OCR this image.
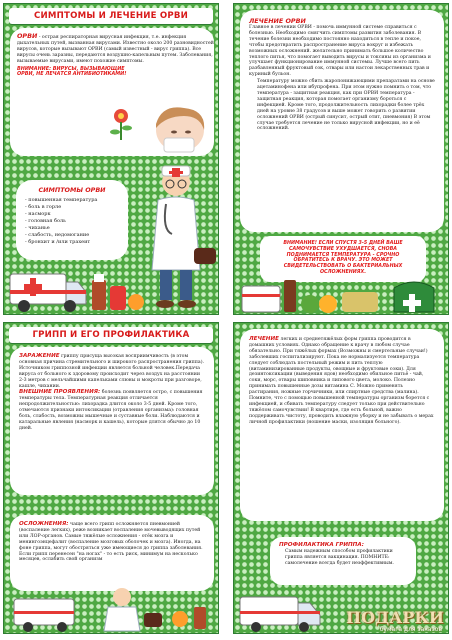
СИМПТОМЫ И ЛЕЧЕНИЕ ОРВИ
ОРВИ - острая респираторная вирусная инфекция, т.е. инфекция дыхательных путей, вызванная вирусами. Известно около 200 разновидностей вирусов, которые вызывают ОРВИ (самый известный - вирус гриппа). Все вирусы очень заразны, передаются воздушно-капельным путем. Заболевания, вызываемые вирусами, имеют похожие симптомы.
ВНИМАНИЕ: ВИРУСЫ, ВЫЗЫВАЮЩИЕ ОРВИ, НЕ ЛЕЧАТСЯ АНТИБИОТИКАМИ!
СИМПТОМЫ ОРВИ
- повышенная температура
- боль в горле
- насморк
- головная боль
- чиханье
- слабость, недомогание
- бронхит и /или трахеит
ЛЕЧЕНИЕ ОРВИ
Главное в лечении ОРВИ - помочь иммунной системе справиться с болезнью. Необходимо смягчить симптомы развития заболевания. В течение болезни необходимо постоянно находиться в тепле и покое, чтобы предотвратить распространение вируса вокруг и избежать возможных осложнений. желательно принимать большое количество теплого питья, что помогает выводить вирусы и токсины из организма и улучшает функционирование иммунной системы. Лучше всего пить разбавленный фруктовый сок, отвары или настои лекарственных трав и куриный бульон.
Температуру можно сбить жаропонижающими препаратами на основе ацетаминофена или ибупрофена. При этом нужно помнить о том, что температура - защитная реакция, как при ОРВИ температура - защитная реакция, которая помогает организму бороться с инфекцией. Кроме того, продолжительность лихорадки более трёх дней на уровне 38 градусов и выше может говорить о развитии осложнений ОРВИ (острый синусит, острый отит, пневмония) В этом случае требуется лечение не только вирусной инфекции, но и её осложнений.
ВНИМАНИЕ! ЕСЛИ СПУСТЯ 3-5 ДНЕЙ ВАШЕ САМОЧУВСТВИЕ УХУДШАЕТСЯ, СНОВА ПОДНИМАЕТСЯ ТЕМПЕРАТУРА - СРОЧНО ОБРАТИТЕСЬ К ВРАЧУ. ЭТО МОЖЕТ СВИДЕТЕЛЬСТВОВАТЬ О БАКТЕРИАЛЬНЫХ ОСЛОЖНЕНИЯХ.
ГРИПП И ЕГО ПРОФИЛАКТИКА
ЗАРАЖЕНИЕ гриппу присуща высокая восприимчивость (в этом основная причина стремительного и широкого распространения гриппа). Источником гриппозной инфекции является больной человек.Передача вируса от больного к здоровому происходит через воздух на расстоянии 2-3 метров с мельчайшими капельками слюны и мокроты при разговоре, кашле, чихании.
ВНЕШНИЕ ПРОЯВЛЕНИЯ: болезнь появляется остро, с повышения температуры тела. Температурная реакция отличается непродолжительностью: лихорадка длится около 3-5 дней. Кроме того, отмечаются признаки интоксикации (отравления организма): головная боль, слабость, возможны мышечные и суставные боли. Наблюдаются и катаральные явления (насморк и кашель), которые длятся обычно до 10 дней.
ОСЛОЖНЕНИЯ: чаще всего грипп осложняется пневмонией (воспаление легких), реже возникает воспаление мочевыводящих путей или ЛОР-органов. Самые тяжёлые осложнения - отёк мозга и менингоэнцефалит (воспаление мозговых оболочек и мозга). Иногда, на фоне гриппа, могут обостряться уже имеющиеся до гриппа заболевания. Если грипп перенесен "на ногах" - то есть риск, минимум на несколько месяцев, ослабить свой организм
ЛЕЧЕНИЕ легких и среднетяжёлых форм гриппа проводится в домашних условиях. Однако обращение к врачу в любом случае обязательно. При тяжёлых формах (Возможны и смертельные случаи!) заболевших госпитализируют. Пока не нормализуется температура следует соблюдать постельный режим и пить теплую (витаминизированные продукты, овощные и фруктовые соки). Для дезинтоксикации (выведения ядов) необходимо обильное питьё - чай, соки, морс, отвары шиповника и липового цвета, молоко. Полезно принимать повышенные дозы витамина С. Можно применять растирания, ножные горчичники, или спиртные средства (малина). Помните, что с помощью повышенной температуры организм борется с инфекцией, и сбивать температуру следует только при действительно тяжёлом самочувствии! В квартире, где есть больной, важно поддерживать чистоту, проводить влажную уборку и не забывать о мерах личной профилактики (ношение маски, изоляция больного).
ПРОФИЛАКТИКА ГРИППА:
Самым надежным способом профилактики гриппа является вакцинация. ПОМНИТЕ: самолечение всегда будет неэффективным.
ПОДАРКИ
бумага для заказов
